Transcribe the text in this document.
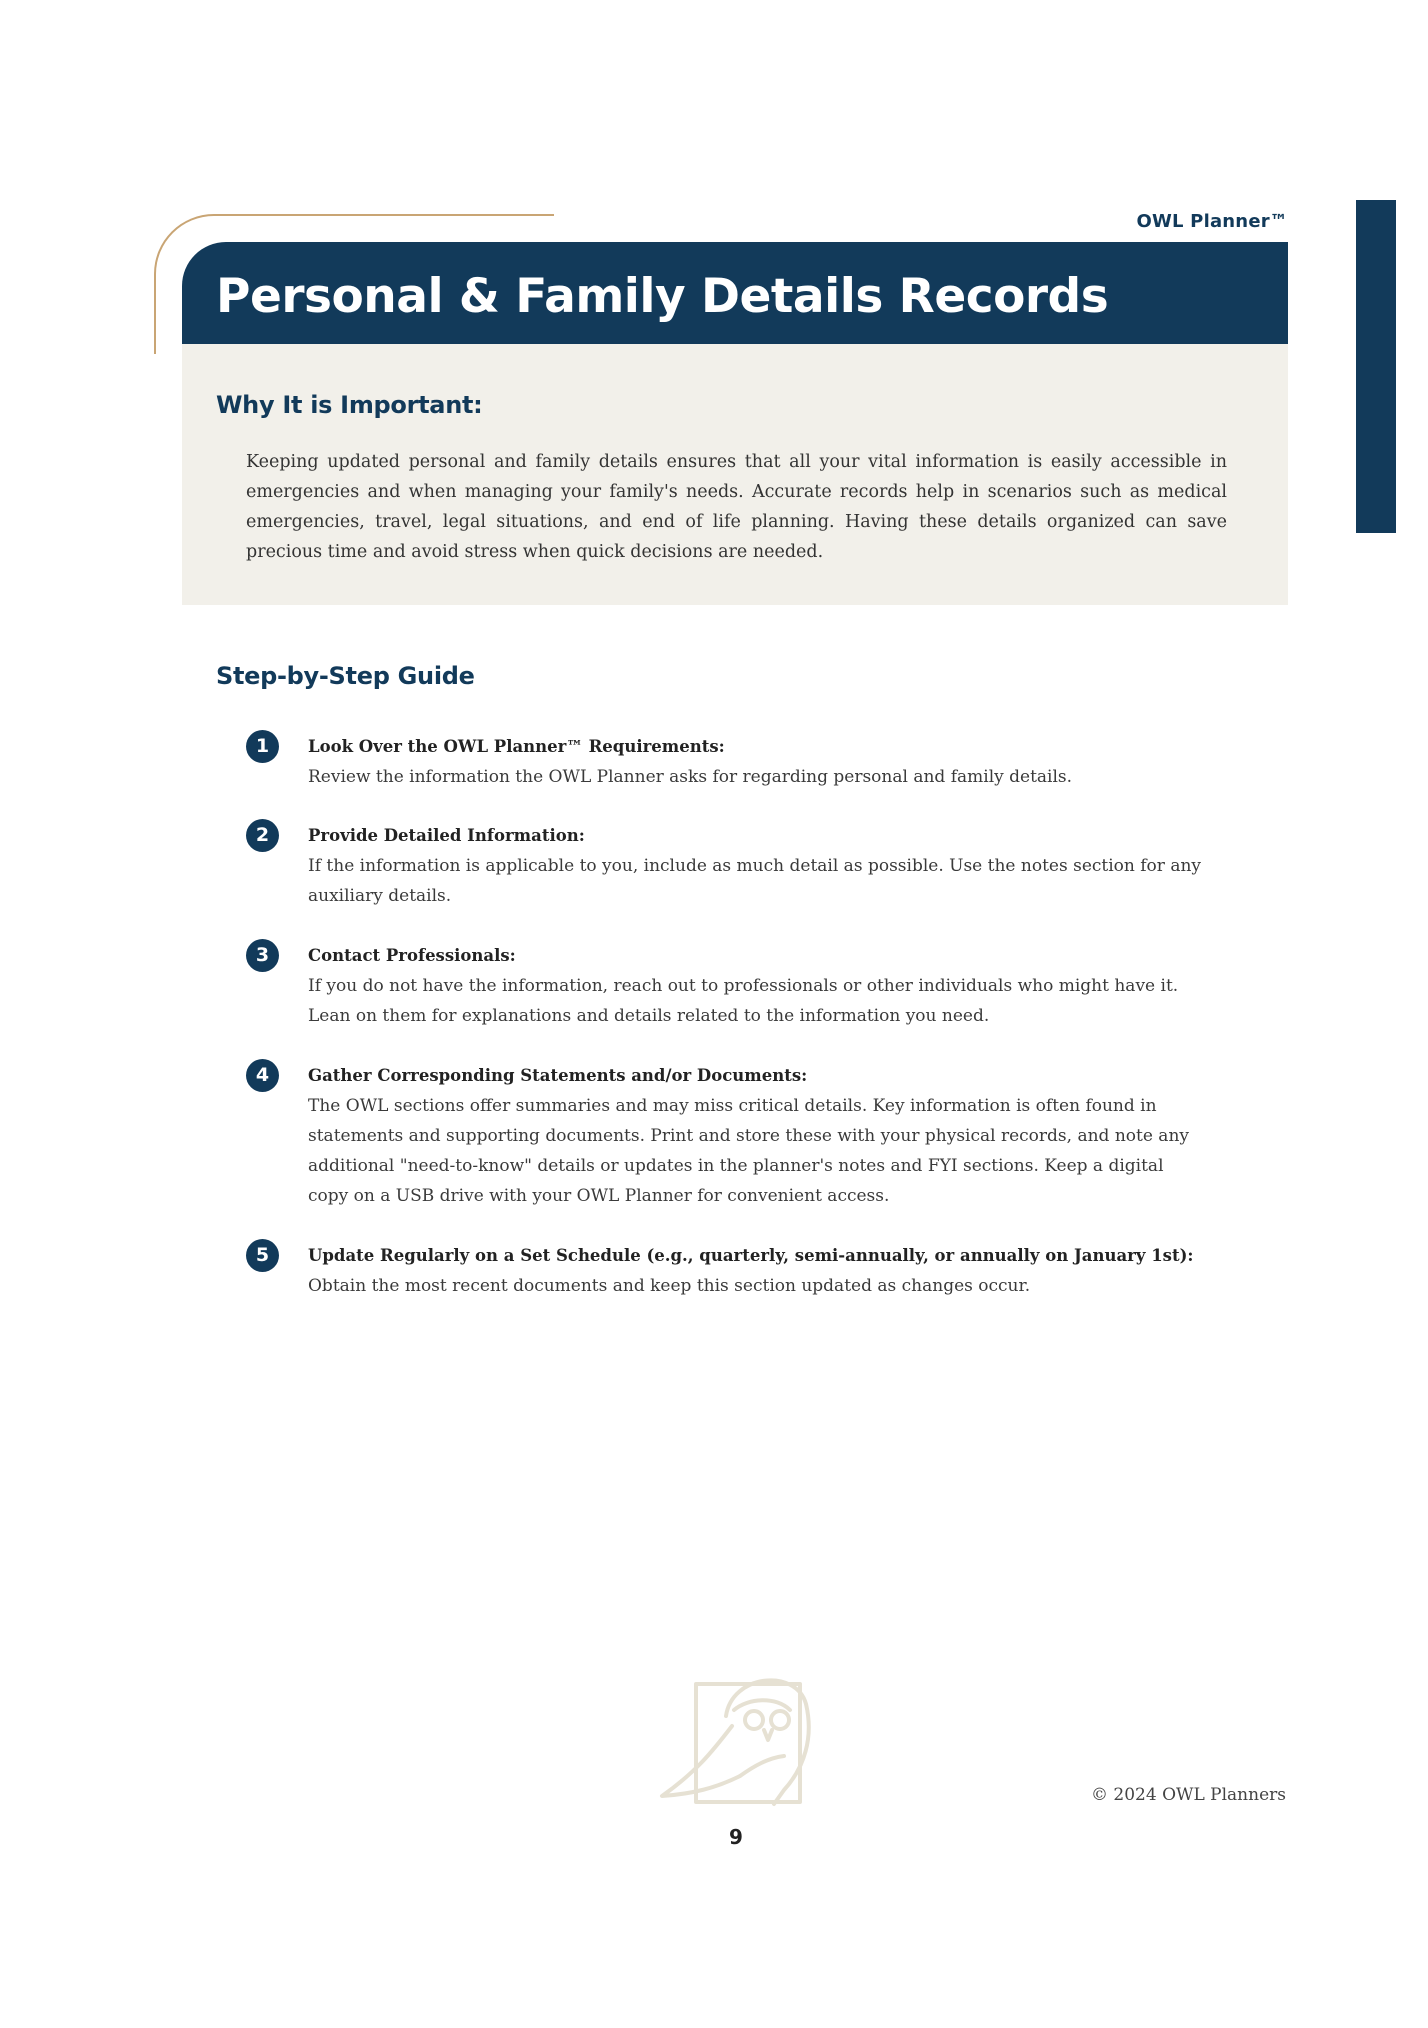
OWL Planner™
Personal & Family Details Records
Why It is Important:

Keeping updated personal and family details ensures that all your vital information is easily accessible in emergencies and when managing your family's needs. Accurate records help in scenarios such as medical emergencies, travel, legal situations, and end of life planning. Having these details organized can save precious time and avoid stress when quick decisions are needed.

Step-by-Step Guide
1	Look Over the OWL Planner™ Requirements:
Review the information the OWL Planner asks for regarding personal and family details.
2	Provide Detailed Information:
If the information is applicable to you, include as much detail as possible. Use the notes section for any auxiliary details.
3	Contact Professionals:
If you do not have the information, reach out to professionals or other individuals who might have it. Lean on them for explanations and details related to the information you need.
4	Gather Corresponding Statements and/or Documents:
The OWL sections offer summaries and may miss critical details. Key information is often found in statements and supporting documents. Print and store these with your physical records, and note any additional "need-to-know" details or updates in the planner's notes and FYI sections. Keep a digital copy on a USB drive with your OWL Planner for convenient access.
5	Update Regularly on a Set Schedule (e.g., quarterly, semi-annually, or annually on January 1st):
Obtain the most recent documents and keep this section updated as changes occur.
© 2024 OWL Planners
9
